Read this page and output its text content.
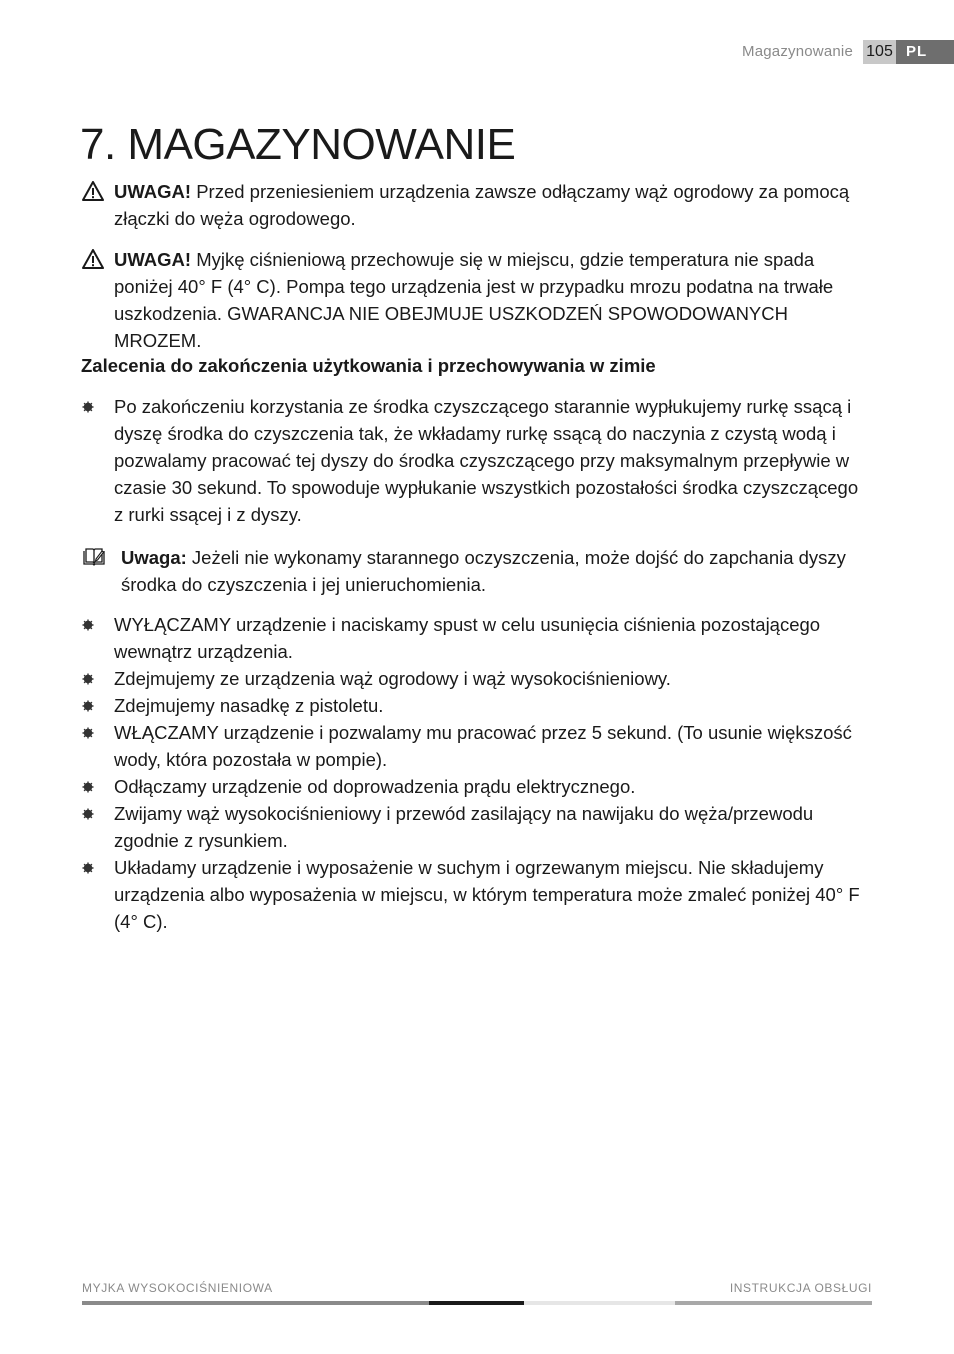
Magazynowanie 105 PL
7. MAGAZYNOWANIE
UWAGA! Przed przeniesieniem urządzenia zawsze odłączamy wąż ogrodowy za pomocą złączki do węża ogrodowego.
UWAGA! Myjkę ciśnieniową przechowuje się w miejscu, gdzie temperatura nie spada poniżej 40° F (4° C). Pompa tego urządzenia jest w przypadku mrozu podatna na trwałe uszkodzenia. GWARANCJA NIE OBEJMUJE USZKODZEŃ SPOWODOWANYCH MROZEM.
Zalecenia do zakończenia użytkowania i przechowywania w zimie
Po zakończeniu korzystania ze środka czyszczącego starannie wypłukujemy rurkę ssącą i dyszę środka do czyszczenia tak, że wkładamy rurkę ssącą do naczynia z czystą wodą i pozwalamy pracować tej dyszy do środka czyszczącego przy maksymalnym przepływie w czasie 30 sekund. To spowoduje wypłukanie wszystkich pozostałości środka czyszczącego z rurki ssącej i z dyszy.
Uwaga: Jeżeli nie wykonamy starannego oczyszczenia, może dojść do zapchania dyszy środka do czyszczenia i jej unieruchomienia.
WYŁĄCZAMY urządzenie i naciskamy spust w celu usunięcia ciśnienia pozostającego wewnątrz urządzenia.
Zdejmujemy ze urządzenia wąż ogrodowy i wąż wysokociśnieniowy.
Zdejmujemy nasadkę z pistoletu.
WŁĄCZAMY urządzenie i pozwalamy mu pracować przez 5 sekund. (To usunie większość wody, która pozostała w pompie).
Odłączamy urządzenie od doprowadzenia prądu elektrycznego.
Zwijamy wąż wysokociśnieniowy i przewód zasilający na nawijaku do węża/przewodu zgodnie z rysunkiem.
Układamy urządzenie i wyposażenie w suchym i ogrzewanym miejscu. Nie składujemy urządzenia albo wyposażenia w miejscu, w którym temperatura może zmaleć poniżej 40° F (4° C).
MYJKA WYSOKOCIŚNIENIOWA	INSTRUKCJA OBSŁUGI
